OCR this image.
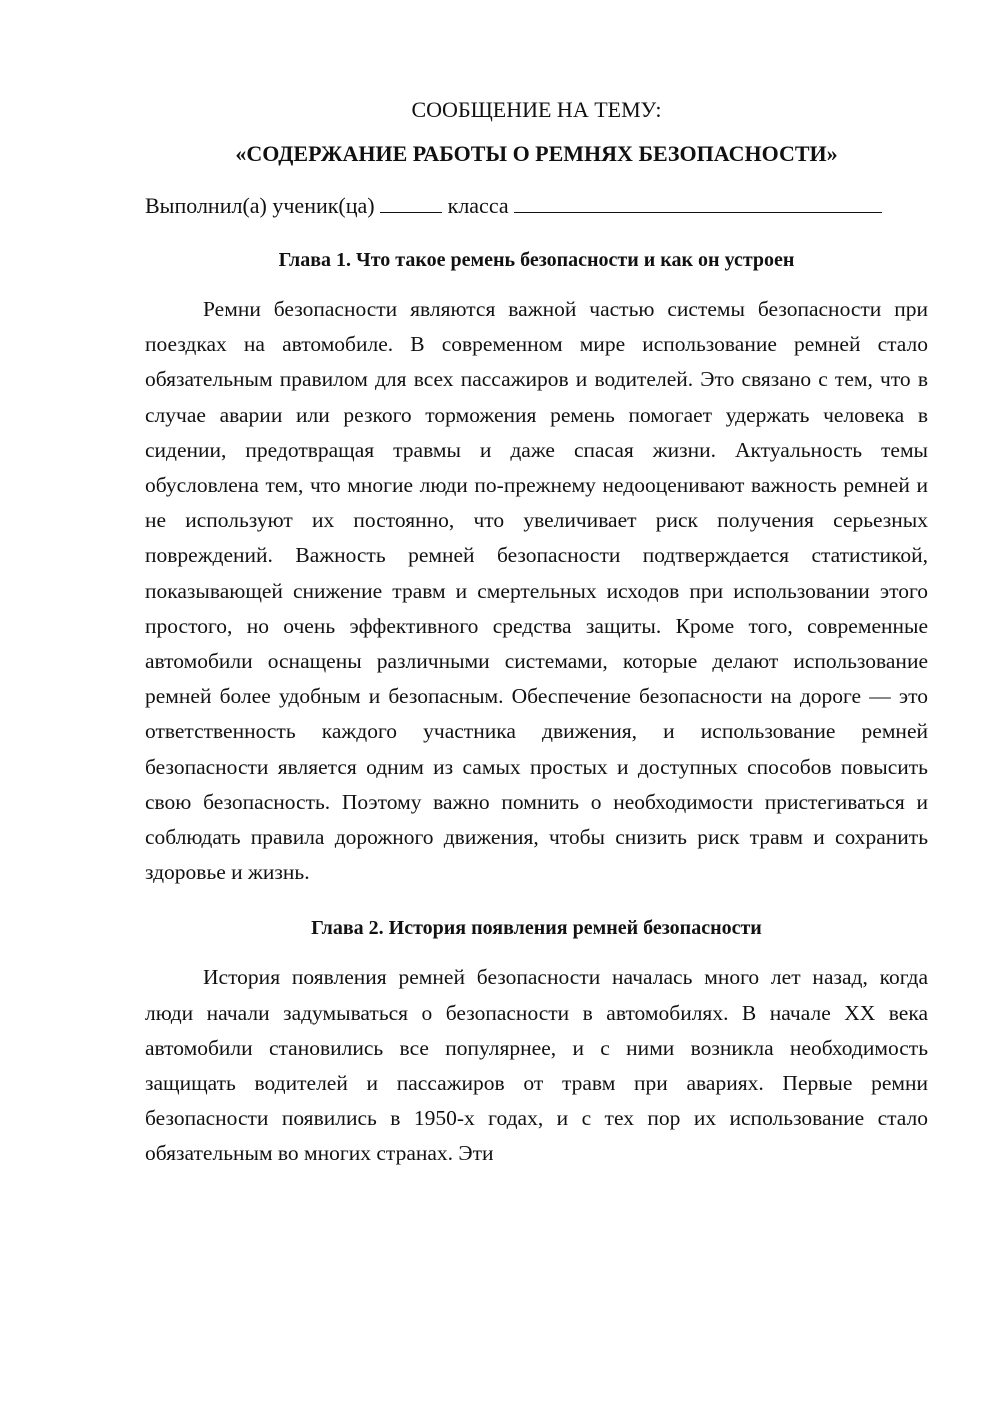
СООБЩЕНИЕ НА ТЕМУ:

«СОДЕРЖАНИЕ РАБОТЫ О РЕМНЯХ БЕЗОПАСНОСТИ»

Выполнил(а) ученик(ца)	класса

Глава 1. Что такое ремень безопасности и как он устроен

Ремни безопасности являются важной частью системы безопасности при поездках на автомобиле. В современном мире использование ремней стало обязательным правилом для всех пассажиров и водителей. Это связано с тем, что в случае аварии или резкого торможения ремень помогает удержать человека в сидении, предотвращая травмы и даже спасая жизни. Актуальность темы обусловлена тем, что многие люди по-прежнему недооценивают важность ремней и не используют их постоянно, что увеличивает риск получения серьезных повреждений. Важность ремней безопасности подтверждается статистикой, показывающей снижение травм и смертельных исходов при использовании этого простого, но очень эффективного средства защиты. Кроме того, современные автомобили оснащены различными системами, которые делают использование ремней более удобным и безопасным. Обеспечение безопасности на дороге — это ответственность каждого участника движения, и использование ремней безопасности является одним из самых простых и доступных способов повысить свою безопасность. Поэтому важно помнить о необходимости пристегиваться и соблюдать правила дорожного движения, чтобы снизить риск травм и сохранить здоровье и жизнь.

Глава 2. История появления ремней безопасности

История появления ремней безопасности началась много лет назад, когда люди начали задумываться о безопасности в автомобилях. В начале XX века автомобили становились все популярнее, и с ними возникла необходимость защищать водителей и пассажиров от травм при авариях. Первые ремни безопасности появились в 1950-х годах, и с тех пор их использование стало обязательным во многих странах. Эти
